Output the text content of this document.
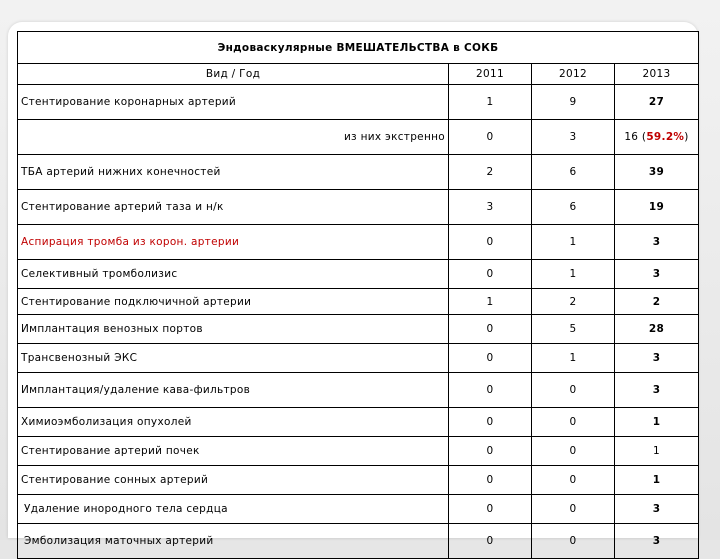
Эндоваскулярные ВМЕШАТЕЛЬСТВА в СОКБ			
Вид / Год	2011	2012	2013
Стентирование коронарных артерий	1	9	27
из них экстренно	0	3	16 (59.2%)
ТБА артерий нижних конечностей	2	6	39
Стентирование артерий таза и н/к	3	6	19
Аспирация тромба из корон. артерии	0	1	3
Селективный тромболизис	0	1	3
Стентирование подключичной артерии	1	2	2
Имплантация венозных портов	0	5	28
Трансвенозный ЭКС	0	1	3
Имплантация/удаление кава-фильтров	0	0	3
Химиоэмболизация опухолей	0	0	1
Стентирование артерий почек	0	0	1
Стентирование сонных артерий	0	0	1
Удаление инородного тела сердца	0	0	3
Эмболизация маточных артерий	0	0	3
